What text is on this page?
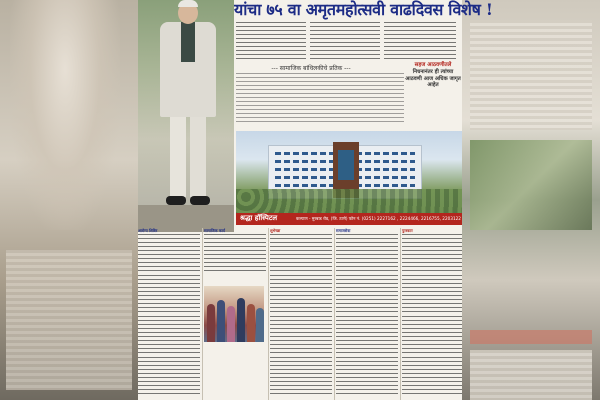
यांचा ७५ वा अमृतमहोत्सवी वाढदिवस विशेष !
--- सामाजिक बांधिलकीचे प्रतिक ---	सहज आठवणीतले
निधनानंतर ही त्यांच्या आठवणी आज अधिक जागृत आहेत
श्रद्धा हॉस्पिटल	कल्याण - मुरबाड रोड, (जि. ठाणे) फोन नं. (0251) 2227162 , 2224466, 2216755, 2203122
आरोग्य शिबिर	सामाजिक कार्य	शुभेच्छा	समाजसेवा	पुरस्कार
